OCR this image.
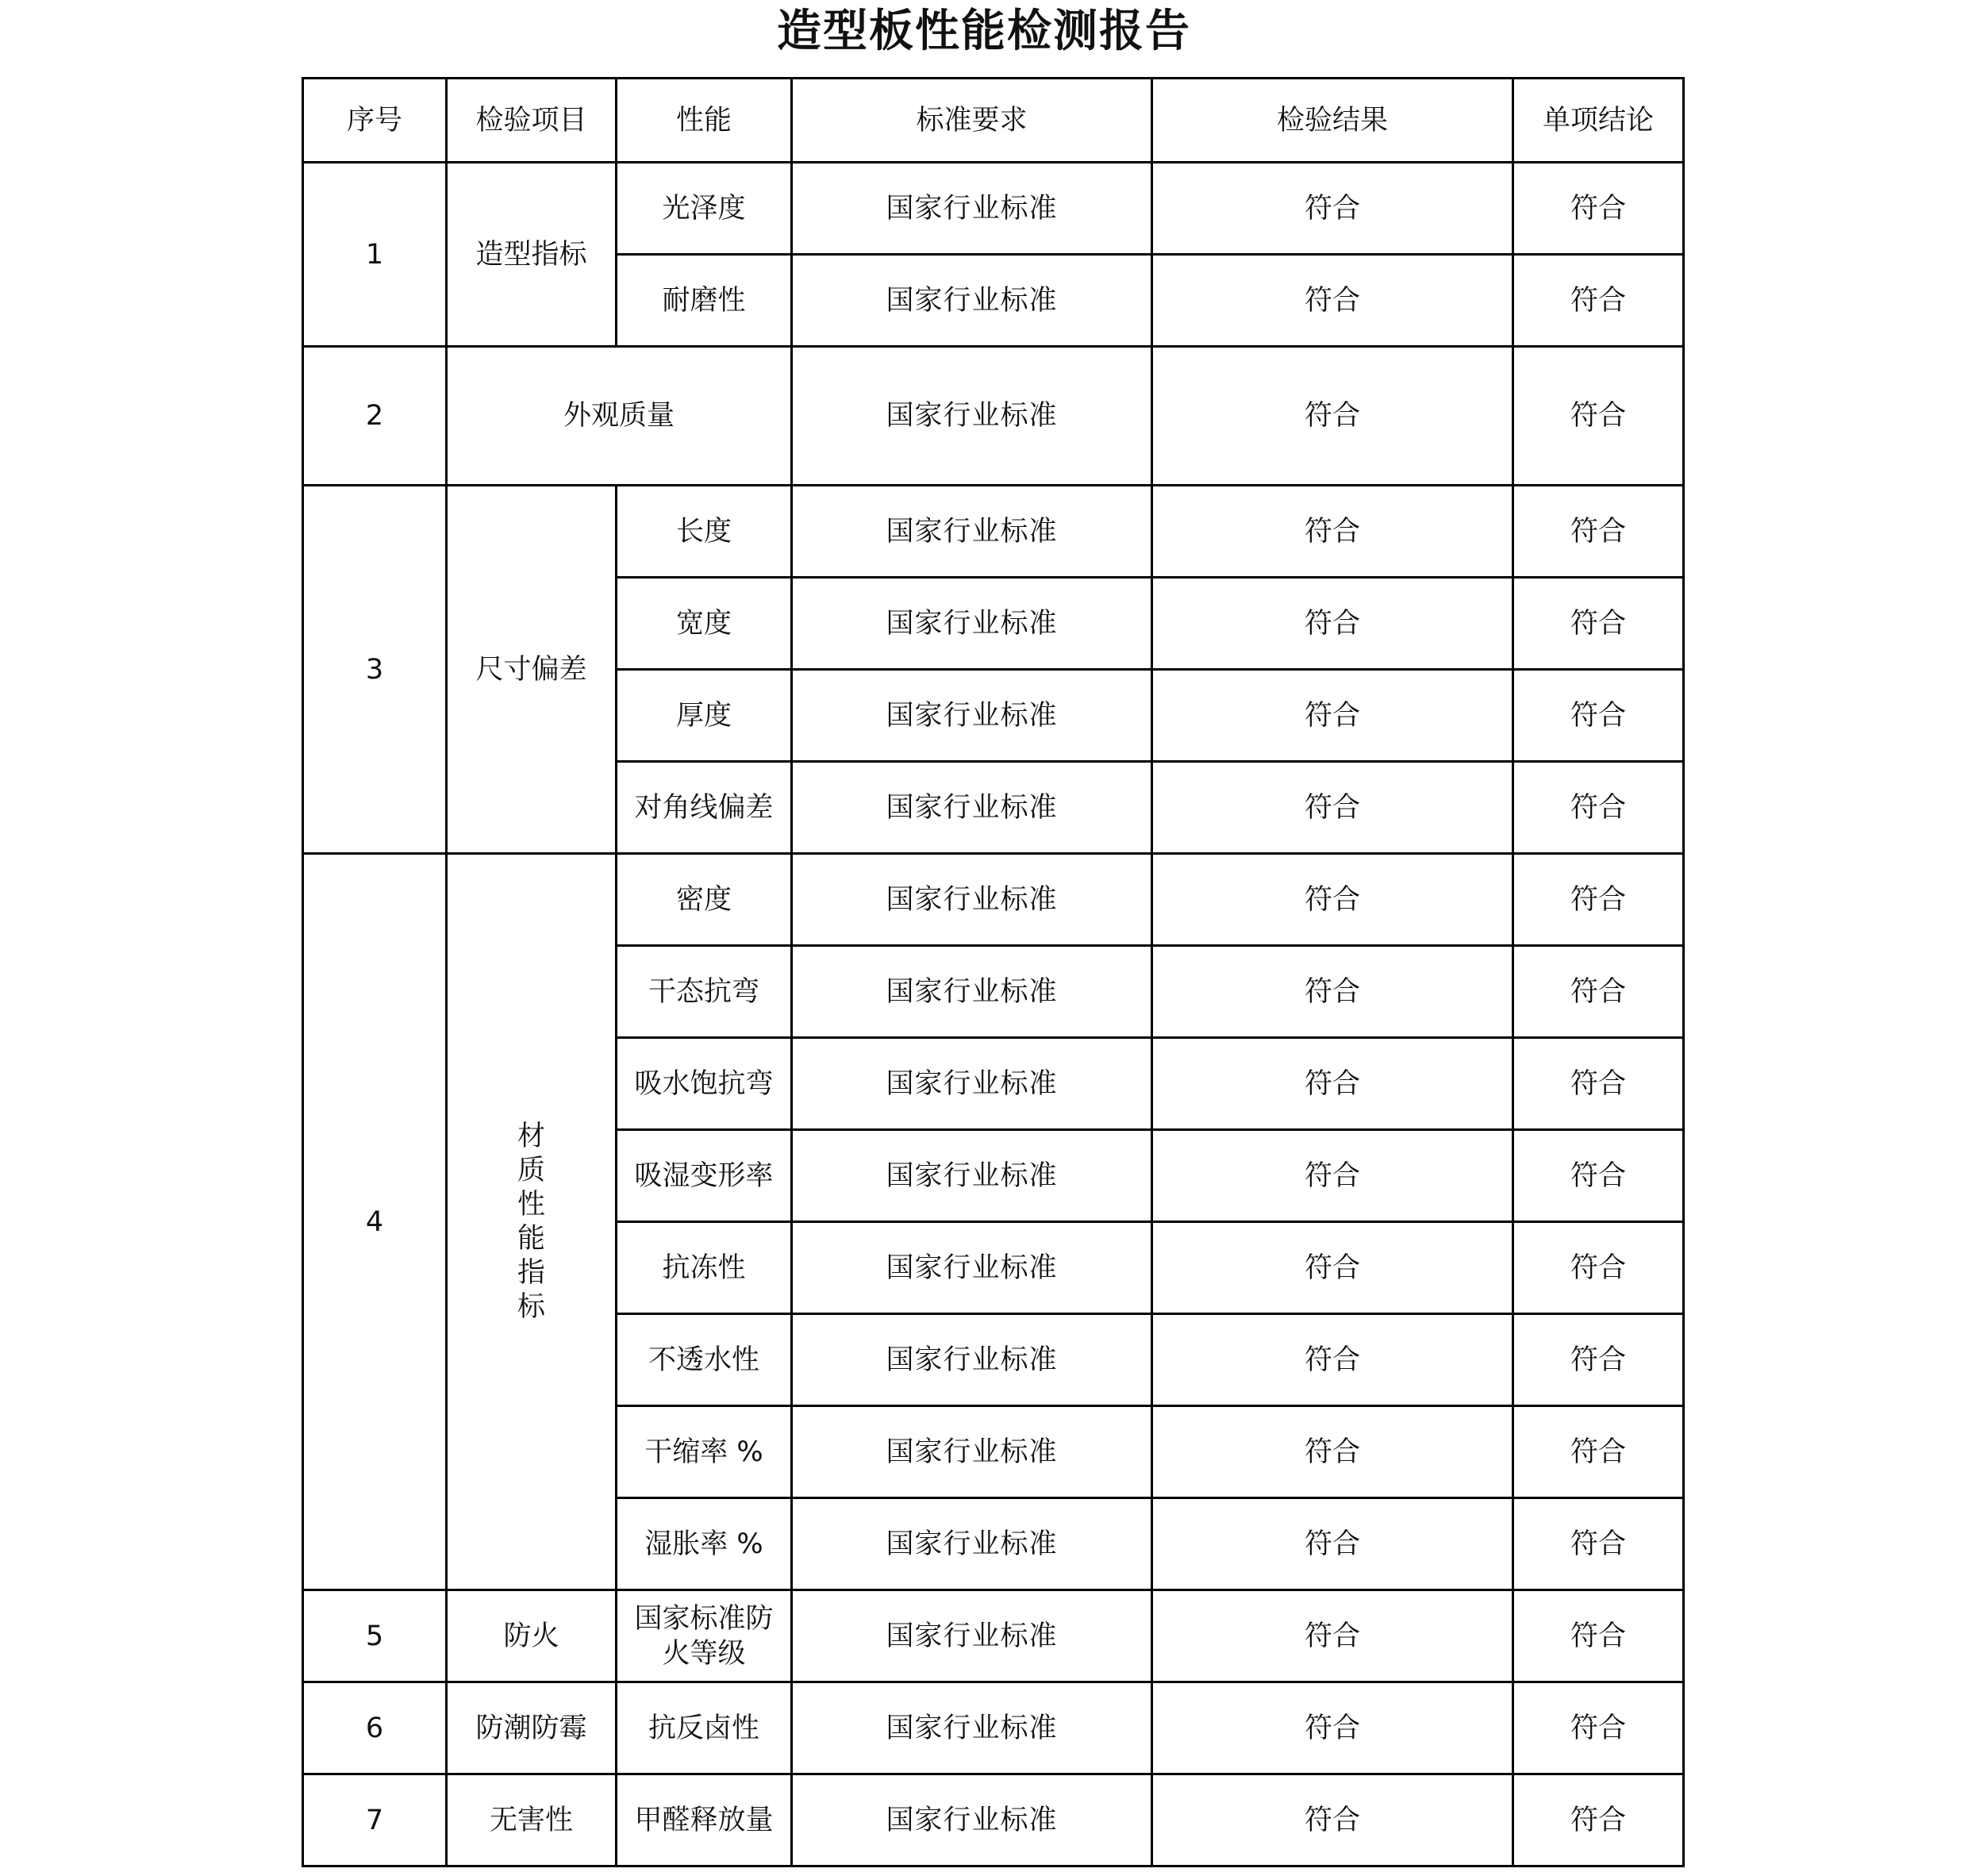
造型板性能检测报告
序号	检验项目	性能	标准要求	检验结果	单项结论
1	造型指标	光泽度	国家行业标准	符合	符合
		耐磨性	国家行业标准	符合	符合
2	外观质量		国家行业标准	符合	符合
3	尺寸偏差	长度	国家行业标准	符合	符合
		宽度	国家行业标准	符合	符合
		厚度	国家行业标准	符合	符合
		对角线偏差	国家行业标准	符合	符合
4	材质性能指标	密度	国家行业标准	符合	符合
		干态抗弯	国家行业标准	符合	符合
		吸水饱抗弯	国家行业标准	符合	符合
		吸湿变形率	国家行业标准	符合	符合
		抗冻性	国家行业标准	符合	符合
		不透水性	国家行业标准	符合	符合
		干缩率 %	国家行业标准	符合	符合
		湿胀率 %	国家行业标准	符合	符合
5	防火	国家标准防火等级	国家行业标准	符合	符合
6	防潮防霉	抗反卤性	国家行业标准	符合	符合
7	无害性	甲醛释放量	国家行业标准	符合	符合
